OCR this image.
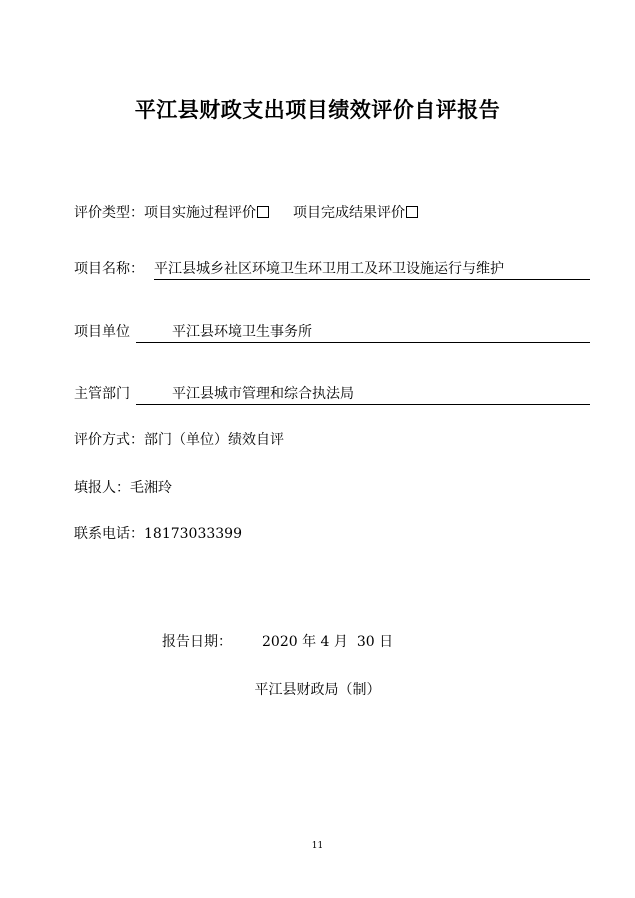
平江县财政支出项目绩效评价自评报告
评价类型：项目实施过程评价	项目完成结果评价
项目名称： 平江县城乡社区环境卫生环卫用工及环卫设施运行与维护
项目单位	平江县环境卫生事务所
主管部门	平江县城市管理和综合执法局
评价方式：部门（单位）绩效自评
填报人：毛湘玲
联系电话：18173033399
报告日期： 2020 年 4 月 30 日
平江县财政局（制）
11
